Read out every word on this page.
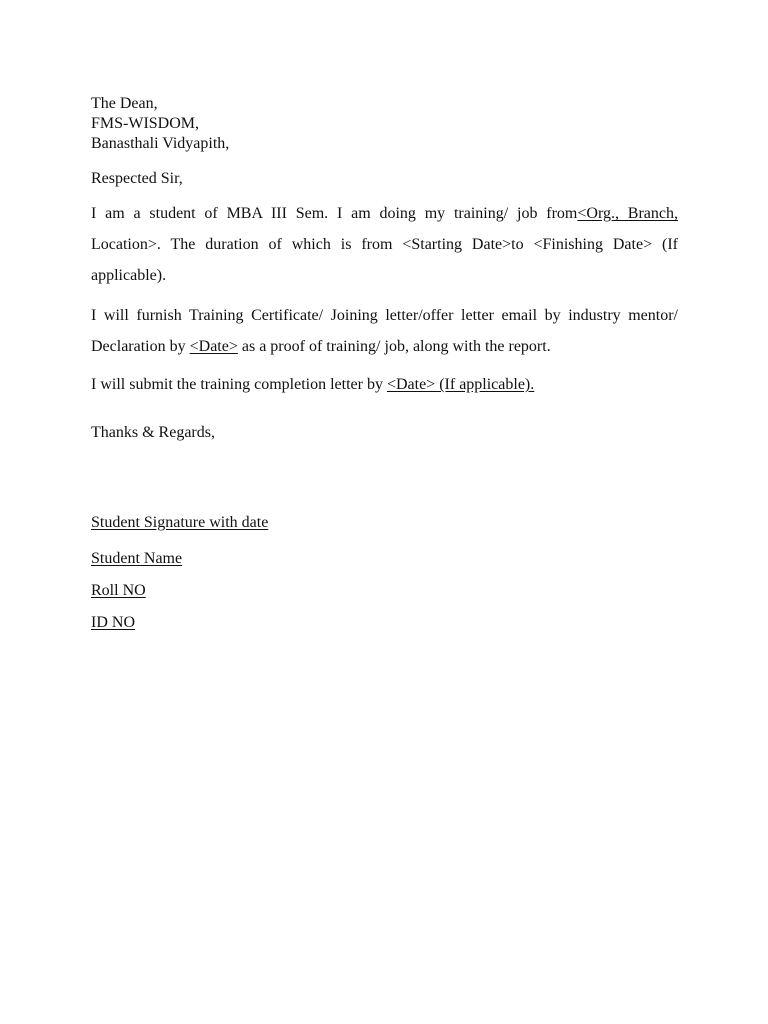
The Dean,
FMS-WISDOM,
Banasthali Vidyapith,
Respected Sir,

I am a student of MBA III Sem. I am doing my training/ job from<Org., Branch, Location>. The duration of which is from <Starting Date>to <Finishing Date> (If applicable).

I will furnish Training Certificate/ Joining letter/offer letter email by industry mentor/ Declaration by <Date> as a proof of training/ job, along with the report.

I will submit the training completion letter by <Date> (If applicable).

Thanks & Regards,
Student Signature with date
Student Name
Roll NO
ID NO
